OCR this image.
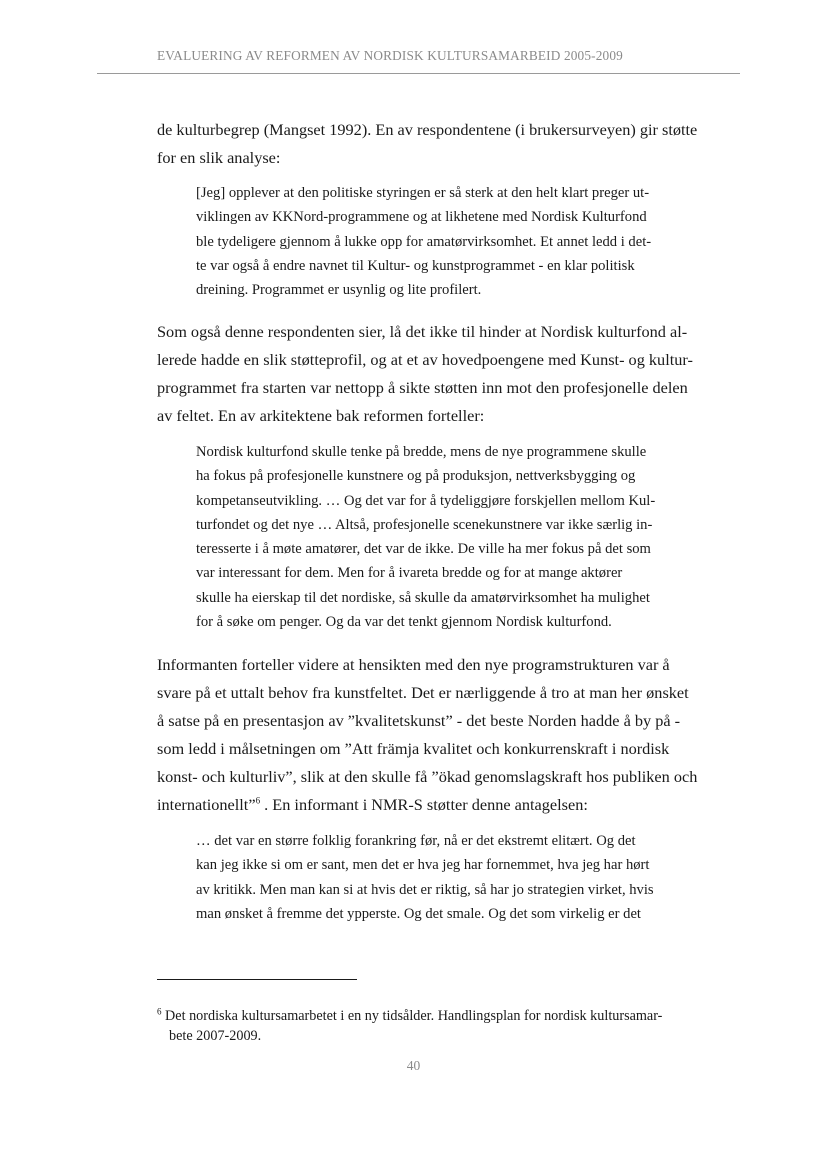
EVALUERING AV REFORMEN AV NORDISK KULTURSAMARBEID 2005-2009
de kulturbegrep (Mangset 1992). En av respondentene (i brukersurveyen) gir støtte
for en slik analyse:
[Jeg] opplever at den politiske styringen er så sterk at den helt klart preger ut-
viklingen av KKNord-programmene og at likhetene med Nordisk Kulturfond
ble tydeligere gjennom å lukke opp for amatørvirksomhet. Et annet ledd i det-
te var også å endre navnet til Kultur- og kunstprogrammet - en klar politisk
dreining. Programmet er usynlig og lite profilert.
Som også denne respondenten sier, lå det ikke til hinder at Nordisk kulturfond al-
lerede hadde en slik støtteprofil, og at et av hovedpoengene med Kunst- og kultur-
programmet fra starten var nettopp å sikte støtten inn mot den profesjonelle delen
av feltet. En av arkitektene bak reformen forteller:
Nordisk kulturfond skulle tenke på bredde, mens de nye programmene skulle
ha fokus på profesjonelle kunstnere og på produksjon, nettverksbygging og
kompetanseutvikling. … Og det var for å tydeliggjøre forskjellen mellom Kul-
turfondet og det nye … Altså, profesjonelle scenekunstnere var ikke særlig in-
teresserte i å møte amatører, det var de ikke. De ville ha mer fokus på det som
var interessant for dem. Men for å ivareta bredde og for at mange aktører
skulle ha eierskap til det nordiske, så skulle da amatørvirksomhet ha mulighet
for å søke om penger. Og da var det tenkt gjennom Nordisk kulturfond.
Informanten forteller videre at hensikten med den nye programstrukturen var å
svare på et uttalt behov fra kunstfeltet. Det er nærliggende å tro at man her ønsket
å satse på en presentasjon av ”kvalitetskunst” - det beste Norden hadde å by på -
som ledd i målsetningen om ”Att främja kvalitet och konkurrenskraft i nordisk
konst- och kulturliv”, slik at den skulle få ”ökad genomslagskraft hos publiken och
internationellt”$^6$ . En informant i NMR-S støtter denne antagelsen:
… det var en større folklig forankring før, nå er det ekstremt elitært. Og det
kan jeg ikke si om er sant, men det er hva jeg har fornemmet, hva jeg har hørt
av kritikk. Men man kan si at hvis det er riktig, så har jo strategien virket, hvis
man ønsket å fremme det ypperste. Og det smale. Og det som virkelig er det
$^6$ Det nordiska kultursamarbetet i en ny tidsålder. Handlingsplan for nordisk kultursamar-
bete 2007-2009.
40
